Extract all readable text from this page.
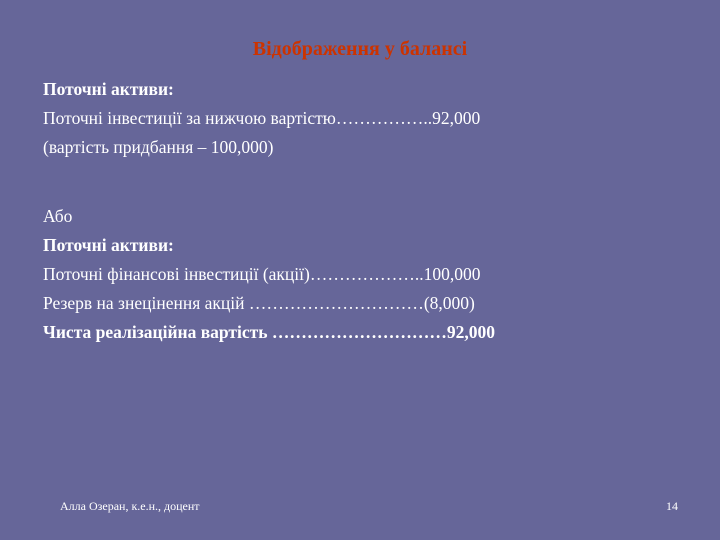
Відображення у балансі
Поточні активи:
Поточні інвестиції за нижчою вартістю……………..92,000
(вартість придбання – 100,000)
Або
Поточні активи:
Поточні фінансові інвестиції (акції)………………..100,000
Резерв на знецінення акцій …………………………(8,000)
Чиста реалізаційна вартість …………………………92,000
Алла Озеран, к.е.н., доцент	14
